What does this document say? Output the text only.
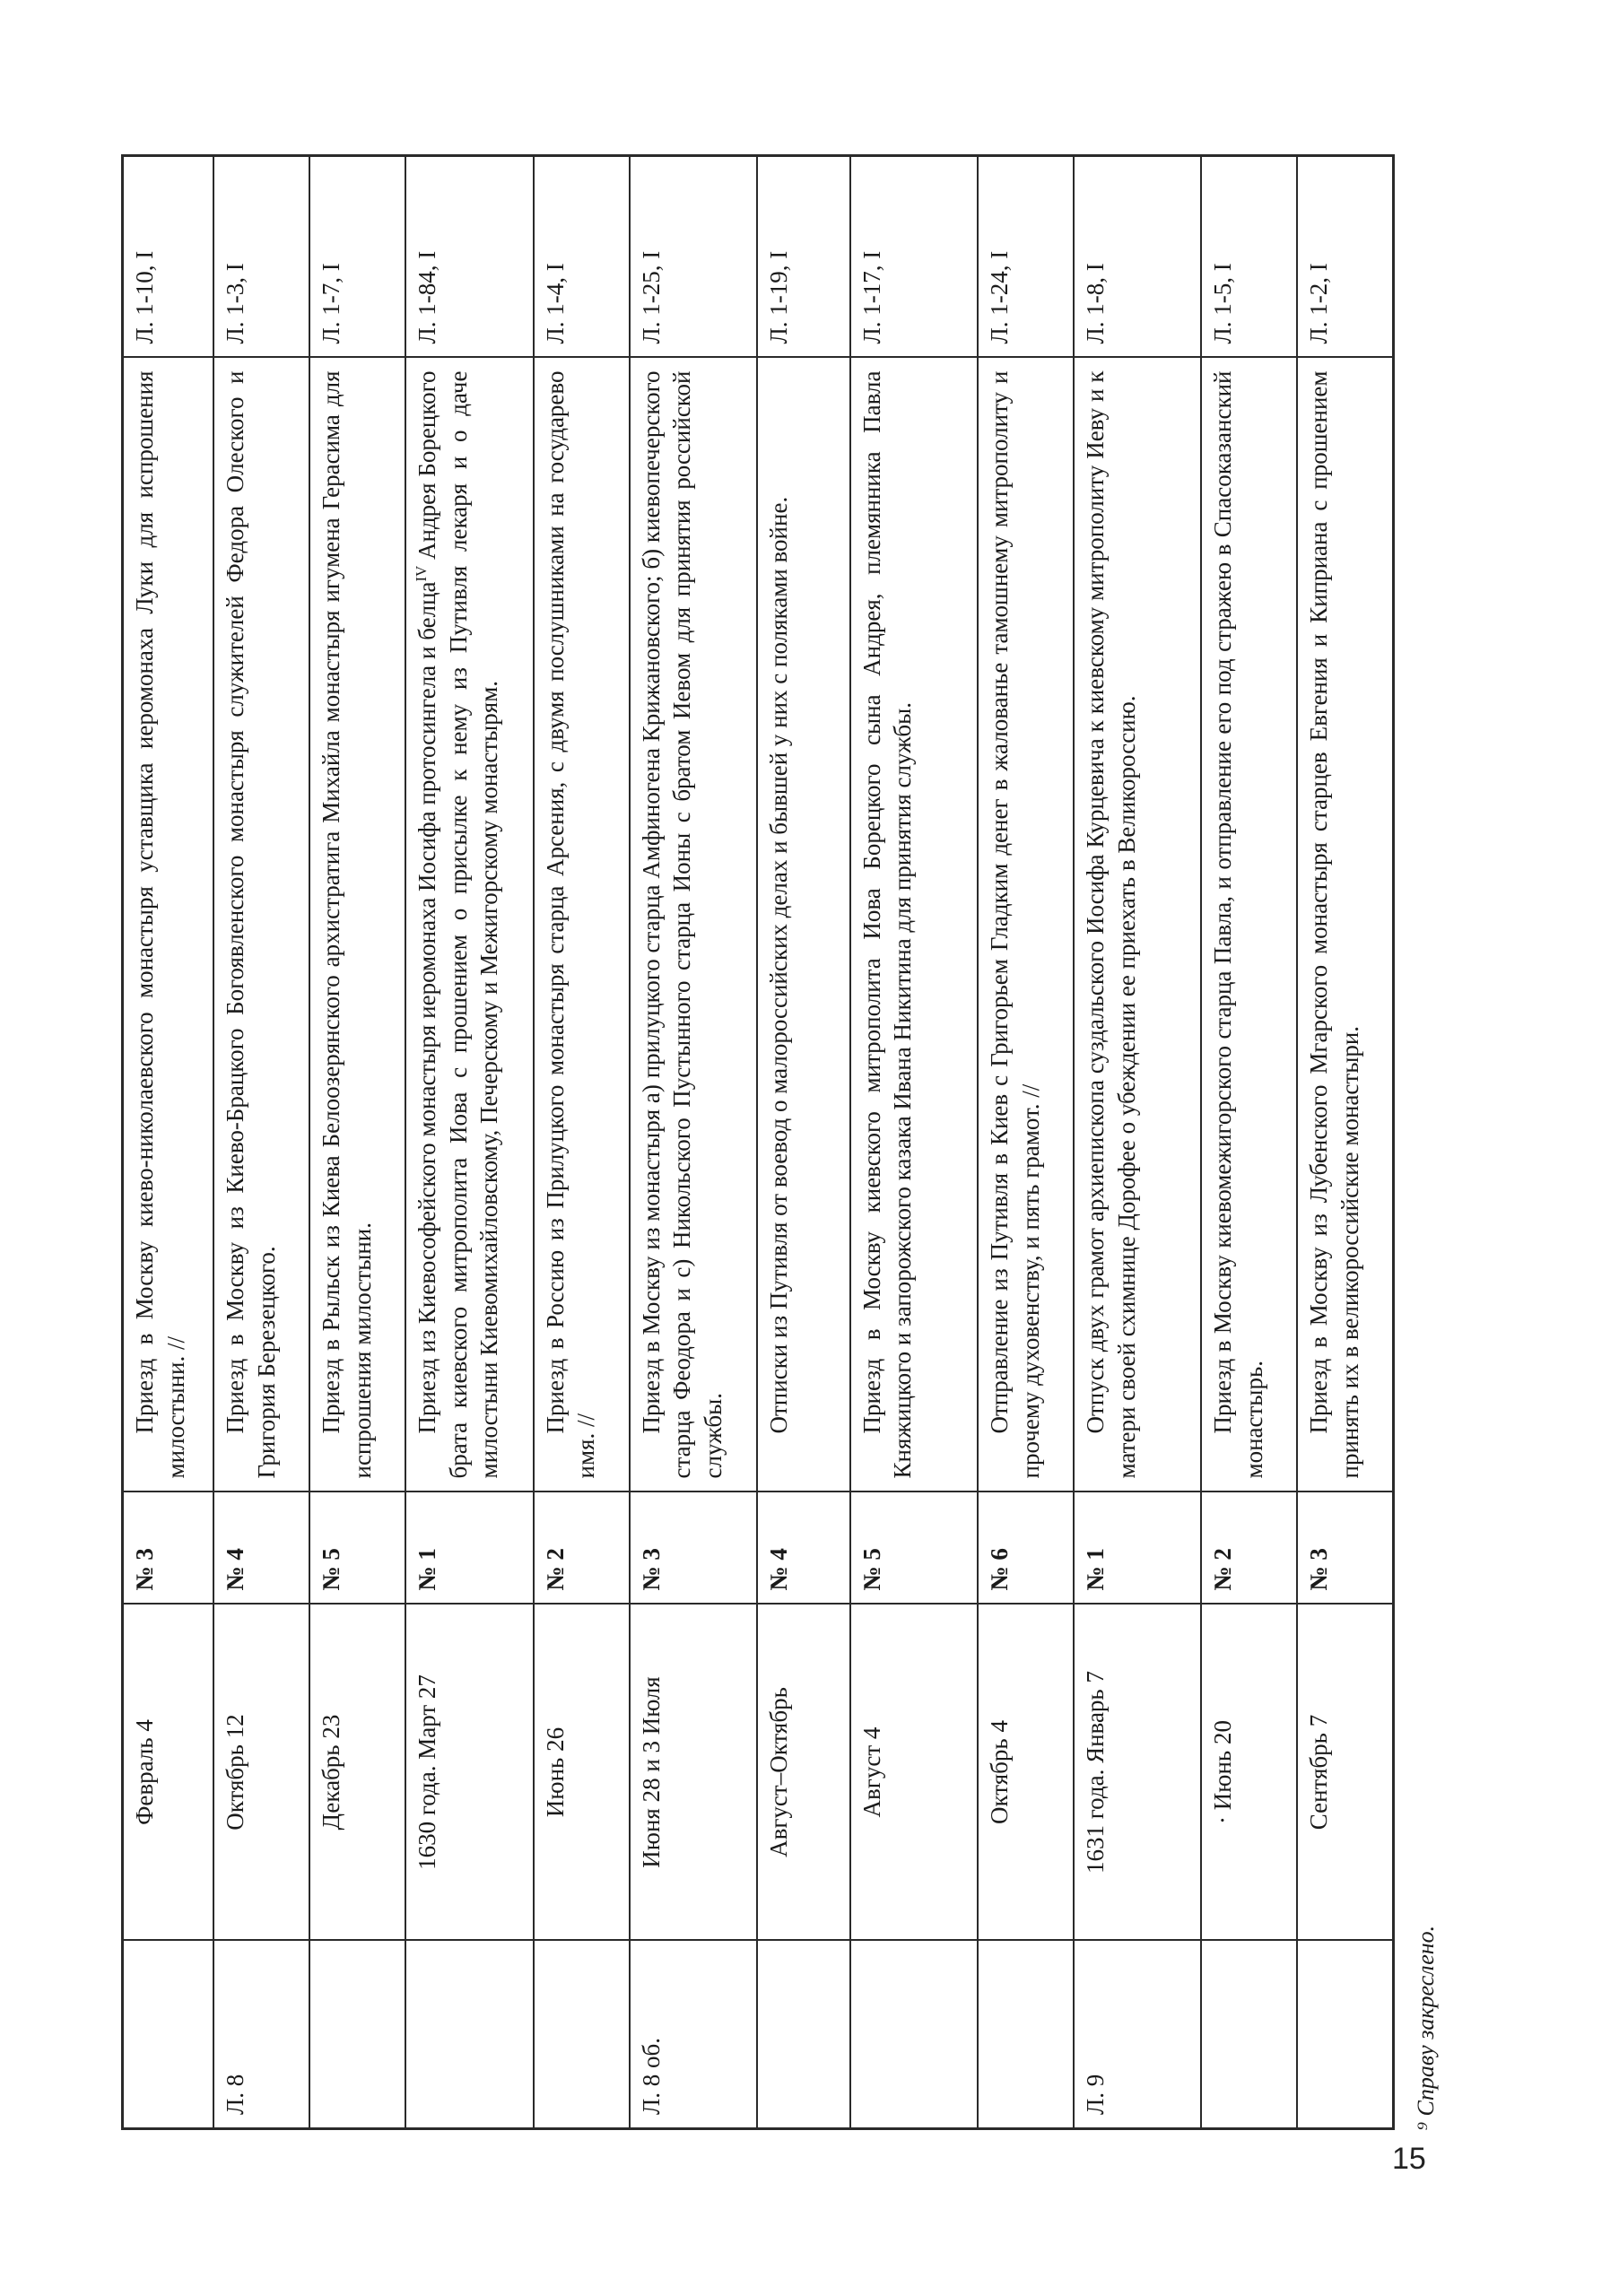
	Февраль 4	№ 3	Приезд в Москву киево-николаевского монастыря уставщика иеромонаха Луки для испрошения милостыни. //	Л. 1-10, I
Л. 8	Октябрь 12	№ 4	Приезд в Москву из Киево-Брацкого Богоявленского монастыря служителей Федора Олеского и Григория Березецкого.	Л. 1-3, I
	Декабрь 23	№ 5	Приезд в Рыльск из Киева Белоозерянского архистратига Михайла монастыря игумена Герасима для испрошения милостыни.	Л. 1-7, I
	1630 года. Март 27	№ 1	Приезд из Киевософейского монастыря иеромонаха Иосифа протосингела и белца$^{IV}$ Андрея Борецкого брата киевского митрополита Иова с прошением о присылке к нему из Путивля лекаря и о даче милостыни Киевомихайловскому, Печерскому и Межигорскому монастырям.	Л. 1-84, I
	Июнь 26	№ 2	Приезд в Россию из Прилуцкого монастыря старца Арсения, с двумя послушниками на государево имя. //	Л. 1-4, I
Л. 8 об.	Июня 28 и 3 Июля	№ 3	Приезд в Москву из монастыря а) прилуцкого старца Амфиногена Крижановского; б) киевопечерского старца Феодора и с) Никольского Пустынного старца Ионы с братом Иевом для принятия российской службы.	Л. 1-25, I
	Август–Октябрь	№ 4	Отписки из Путивля от воевод о малороссийских делах и бывшей у них с поляками войне.	Л. 1-19, I
	Август 4	№ 5	Приезд в Москву киевского митрополита Иова Борецкого сына Андрея, племянника Павла Княжицкого и запорожского казака Ивана Никитина для принятия службы.	Л. 1-17, I
	Октябрь 4	№ 6	Отправление из Путивля в Киев с Григорьем Гладким денег в жалованье тамошнему митрополиту и прочему духовенству, и пять грамот. //	Л. 1-24, I
Л. 9	1631 года. Январь 7	№ 1	Отпуск двух грамот архиепископа суздальского Иосифа Курцевича к киевскому митрополиту Иеву и к матери своей схимнице Дорофее о убеждении ее приехать в Великороссию.	Л. 1-8, I
	· Июнь 20	№ 2	Приезд в Москву киевомежигорского старца Павла, и отправление его под стражею в Спасоказанский монастырь.	Л. 1-5, I
	Сентябрь 7	№ 3	Приезд в Москву из Лубенского Мгарского монастыря старцев Евгения и Киприана с прошением принять их в великороссийские монастыри.	Л. 1-2, I
⁹ Справу закреслено.
15
